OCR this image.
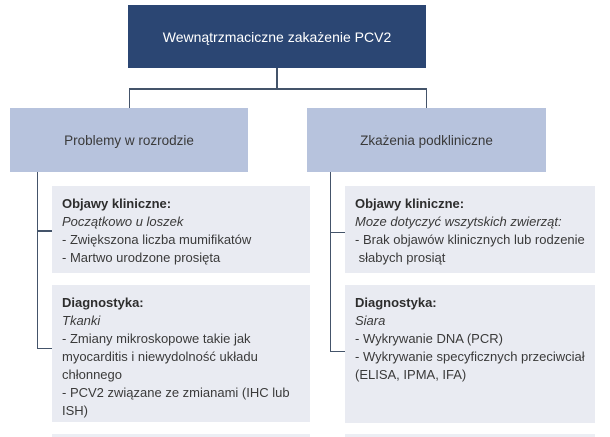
Wewnątrzmaciczne zakażenie PCV2
Problemy w rozrodzie	Zkażenia podkliniczne
Objawy kliniczne:
Początkowo u loszek
- Zwiększona liczba mumifikatów
- Martwo urodzone prosięta
Diagnostyka:
Tkanki
- Zmiany mikroskopowe takie jak
myocarditis i niewydolność układu
chłonnego
- PCV2 związane ze zmianami (IHC lub
ISH)
Objawy kliniczne:
Moze dotyczyć wszytskich zwierząt:
- Brak objawów klinicznych lub rodzenie
słabych prosiąt
Diagnostyka:
Siara
- Wykrywanie DNA (PCR)
- Wykrywanie specyficznych przeciwciał
(ELISA, IPMA, IFA)
